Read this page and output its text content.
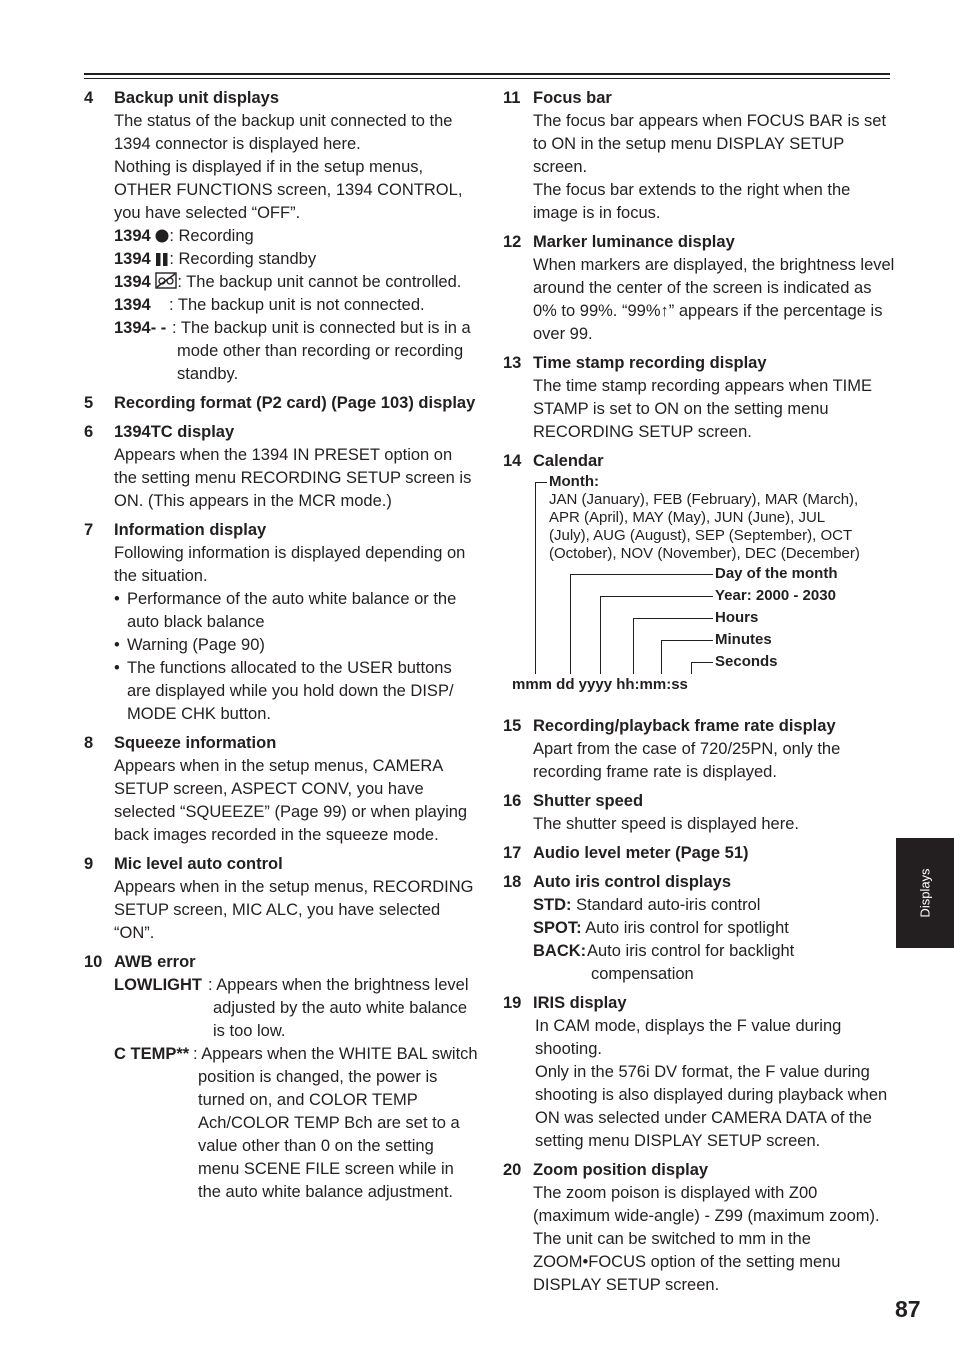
4 Backup unit displays
The status of the backup unit connected to the 1394 connector is displayed here.
Nothing is displayed if in the setup menus, OTHER FUNCTIONS screen, 1394 CONTROL, you have selected “OFF”.
1394 : Recording
1394 : Recording standby
1394 : The backup unit cannot be controlled.
1394 : The backup unit is not connected.
1394- - : The backup unit is connected but is in a mode other than recording or recording standby.
5 Recording format (P2 card) (Page 103) display
6 1394TC display
Appears when the 1394 IN PRESET option on the setting menu RECORDING SETUP screen is ON. (This appears in the MCR mode.)
7 Information display
Following information is displayed depending on the situation.
• Performance of the auto white balance or the auto black balance
• Warning (Page 90)
• The functions allocated to the USER buttons are displayed while you hold down the DISP/ MODE CHK button.
8 Squeeze information
Appears when in the setup menus, CAMERA SETUP screen, ASPECT CONV, you have selected “SQUEEZE” (Page 99) or when playing back images recorded in the squeeze mode.
9 Mic level auto control
Appears when in the setup menus, RECORDING SETUP screen, MIC ALC, you have selected “ON”.
10 AWB error
LOWLIGHT : Appears when the brightness level adjusted by the auto white balance is too low.
C TEMP** : Appears when the WHITE BAL switch position is changed, the power is turned on, and COLOR TEMP Ach/COLOR TEMP Bch are set to a value other than 0 on the setting menu SCENE FILE screen while in the auto white balance adjustment.
11 Focus bar
The focus bar appears when FOCUS BAR is set to ON in the setup menu DISPLAY SETUP screen.
The focus bar extends to the right when the image is in focus.
12 Marker luminance display
When markers are displayed, the brightness level around the center of the screen is indicated as 0% to 99%. “99%↑” appears if the percentage is over 99.
13 Time stamp recording display
The time stamp recording appears when TIME STAMP is set to ON on the setting menu RECORDING SETUP screen.
14 Calendar
Month:
JAN (January), FEB (February), MAR (March),
APR (April), MAY (May), JUN (June), JUL
(July), AUG (August), SEP (September), OCT
(October), NOV (November), DEC (December)
Day of the month
Year: 2000 - 2030
Hours
Minutes
Seconds
mmm dd yyyy hh:mm:ss
15 Recording/playback frame rate display
Apart from the case of 720/25PN, only the recording frame rate is displayed.
16 Shutter speed
The shutter speed is displayed here.
17 Audio level meter (Page 51)
18 Auto iris control displays
STD: Standard auto-iris control
SPOT: Auto iris control for spotlight
BACK: Auto iris control for backlight compensation
19 IRIS display
In CAM mode, displays the F value during shooting.
Only in the 576i DV format, the F value during shooting is also displayed during playback when ON was selected under CAMERA DATA of the setting menu DISPLAY SETUP screen.
20 Zoom position display
The zoom poison is displayed with Z00 (maximum wide-angle) - Z99 (maximum zoom).
The unit can be switched to mm in the ZOOM•FOCUS option of the setting menu DISPLAY SETUP screen.
Displays
87
